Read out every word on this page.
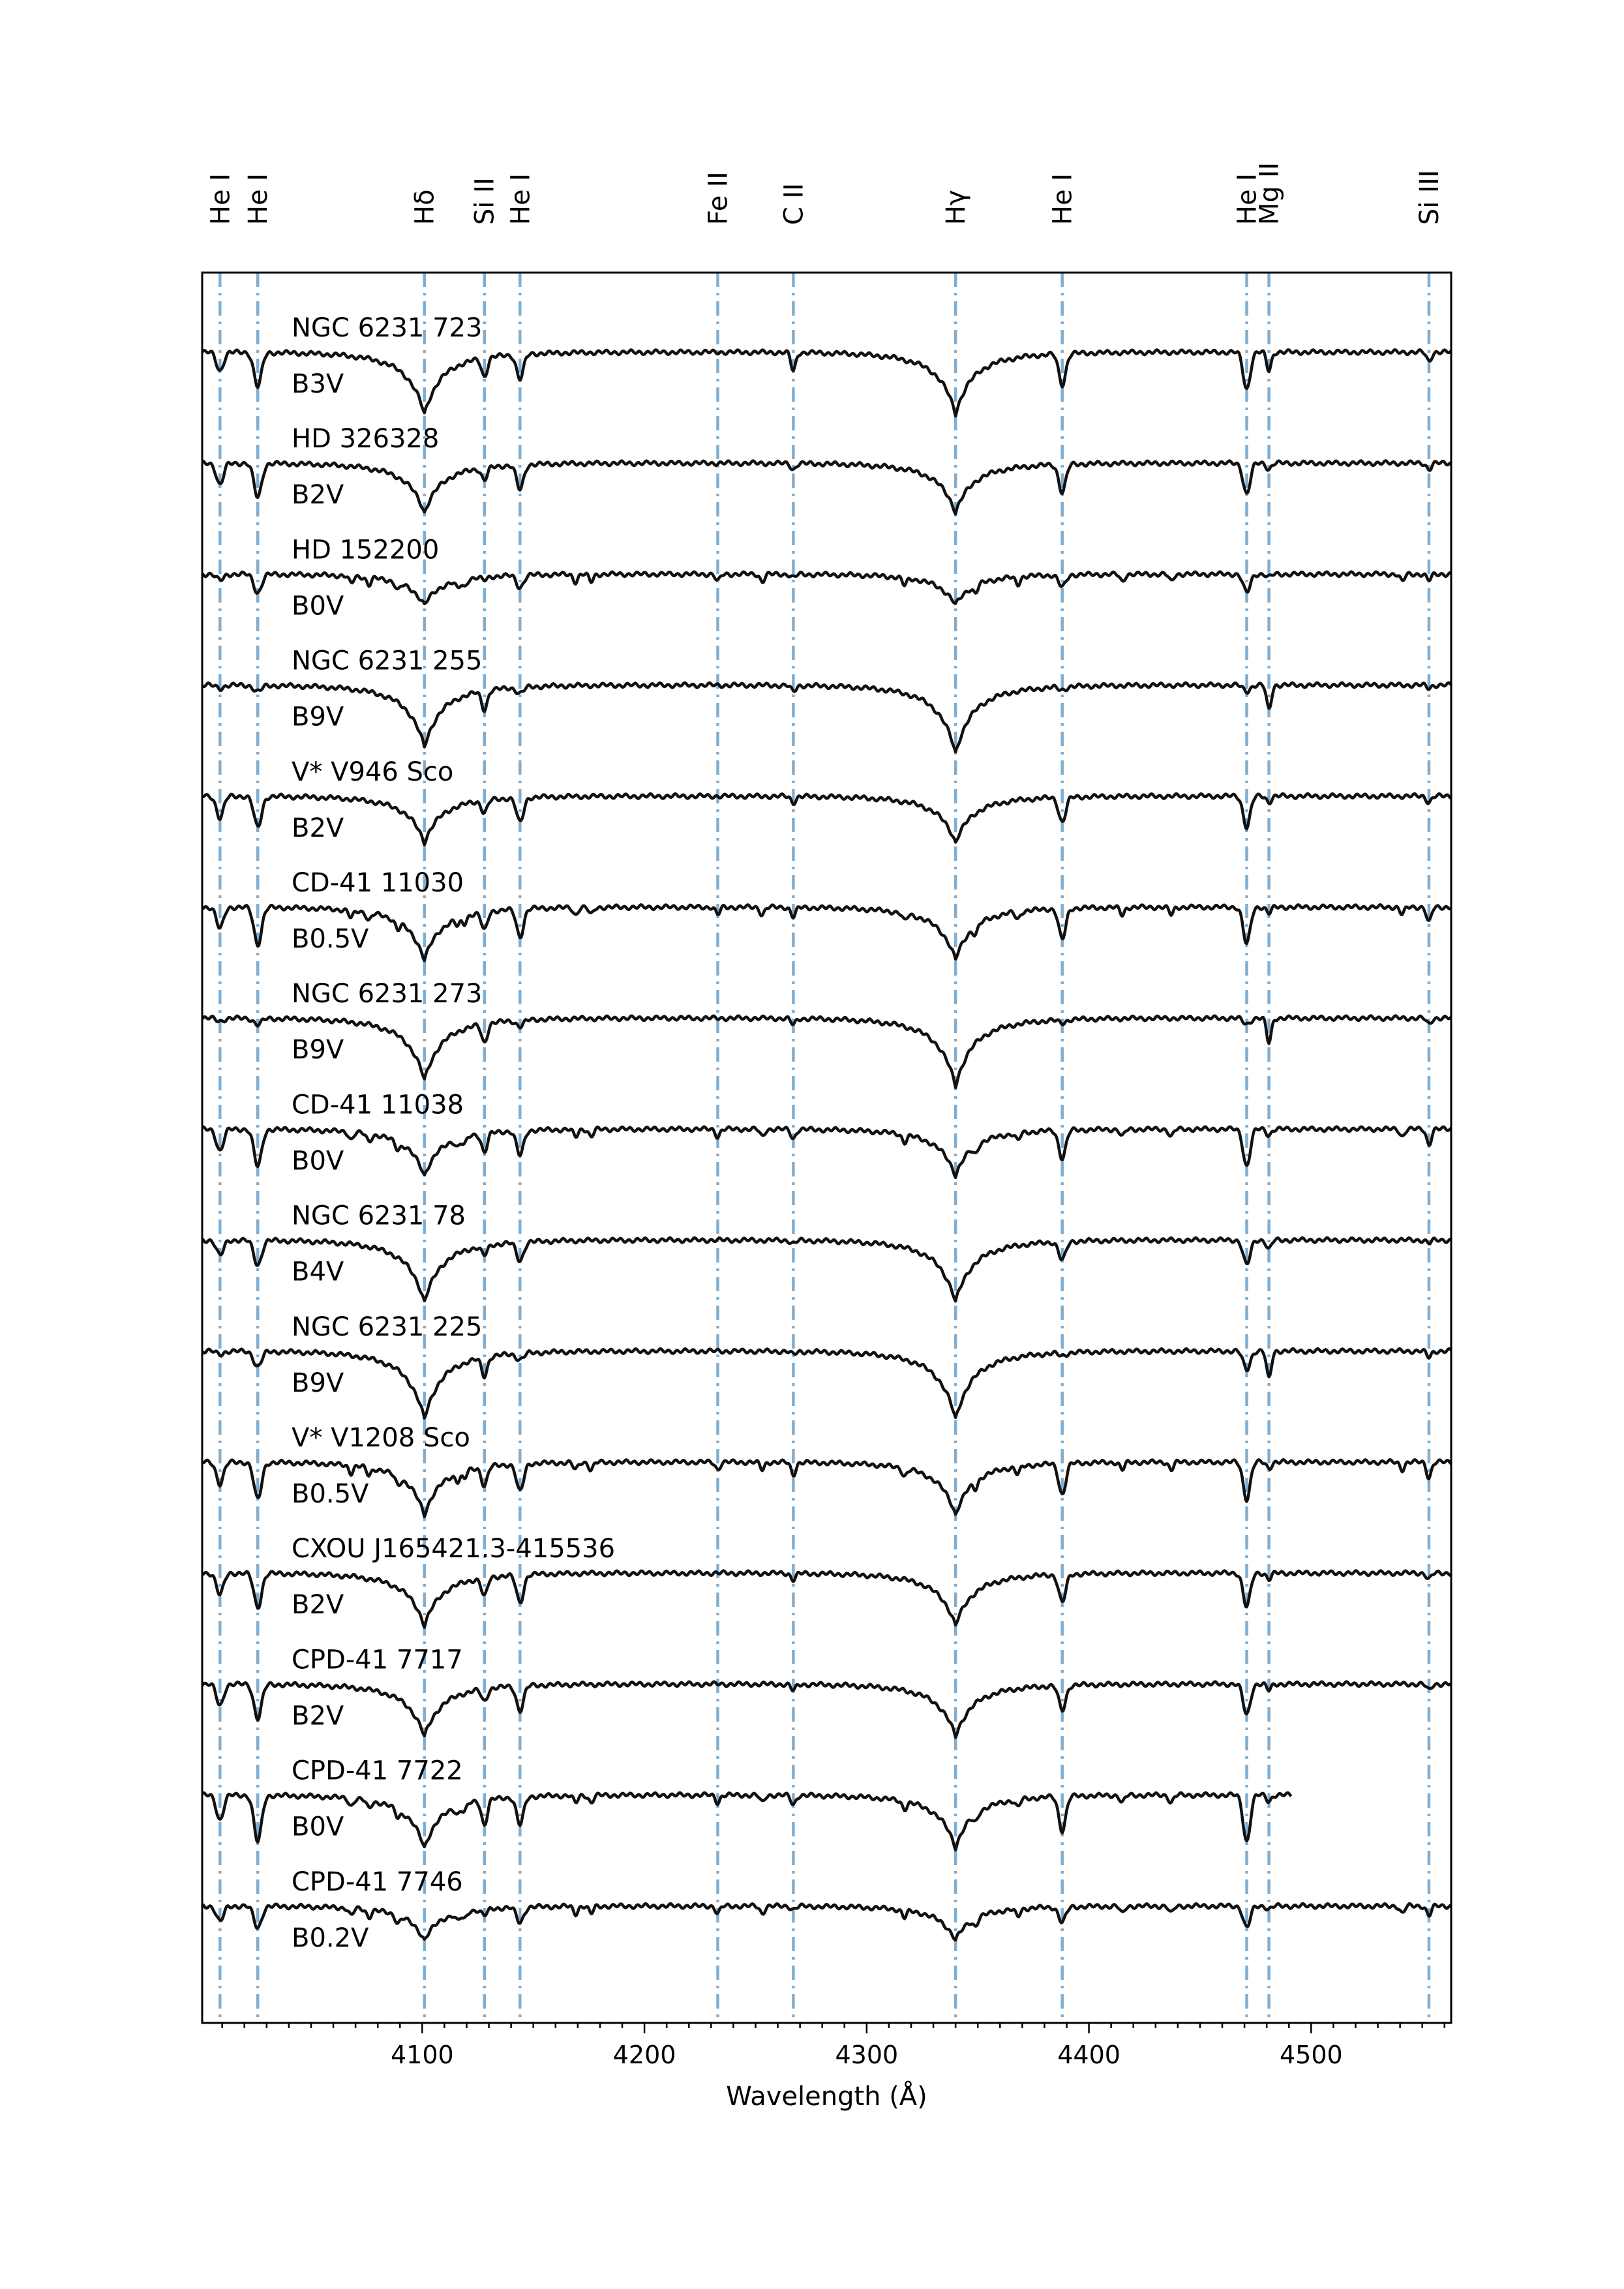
He I He I	Hδ Si II He I	Fe II C II	Hγ	He I	He I
Mg II	Si III
NGC 6231 723
B3V
HD 326328
B2V
HD 152200
B0V
NGC 6231 255
B9V
V* V946 Sco
B2V
CD-41 11030
B0.5V
NGC 6231 273
B9V
CD-41 11038
B0V
NGC 6231 78
B4V
NGC 6231 225
B9V
V* V1208 Sco
B0.5V
CXOU J165421.3-415536
B2V
CPD-41 7717
B2V
CPD-41 7722
B0V
CPD-41 7746
B0.2V
4100	4200	4300	4400	4500
Wavelength (Å)
